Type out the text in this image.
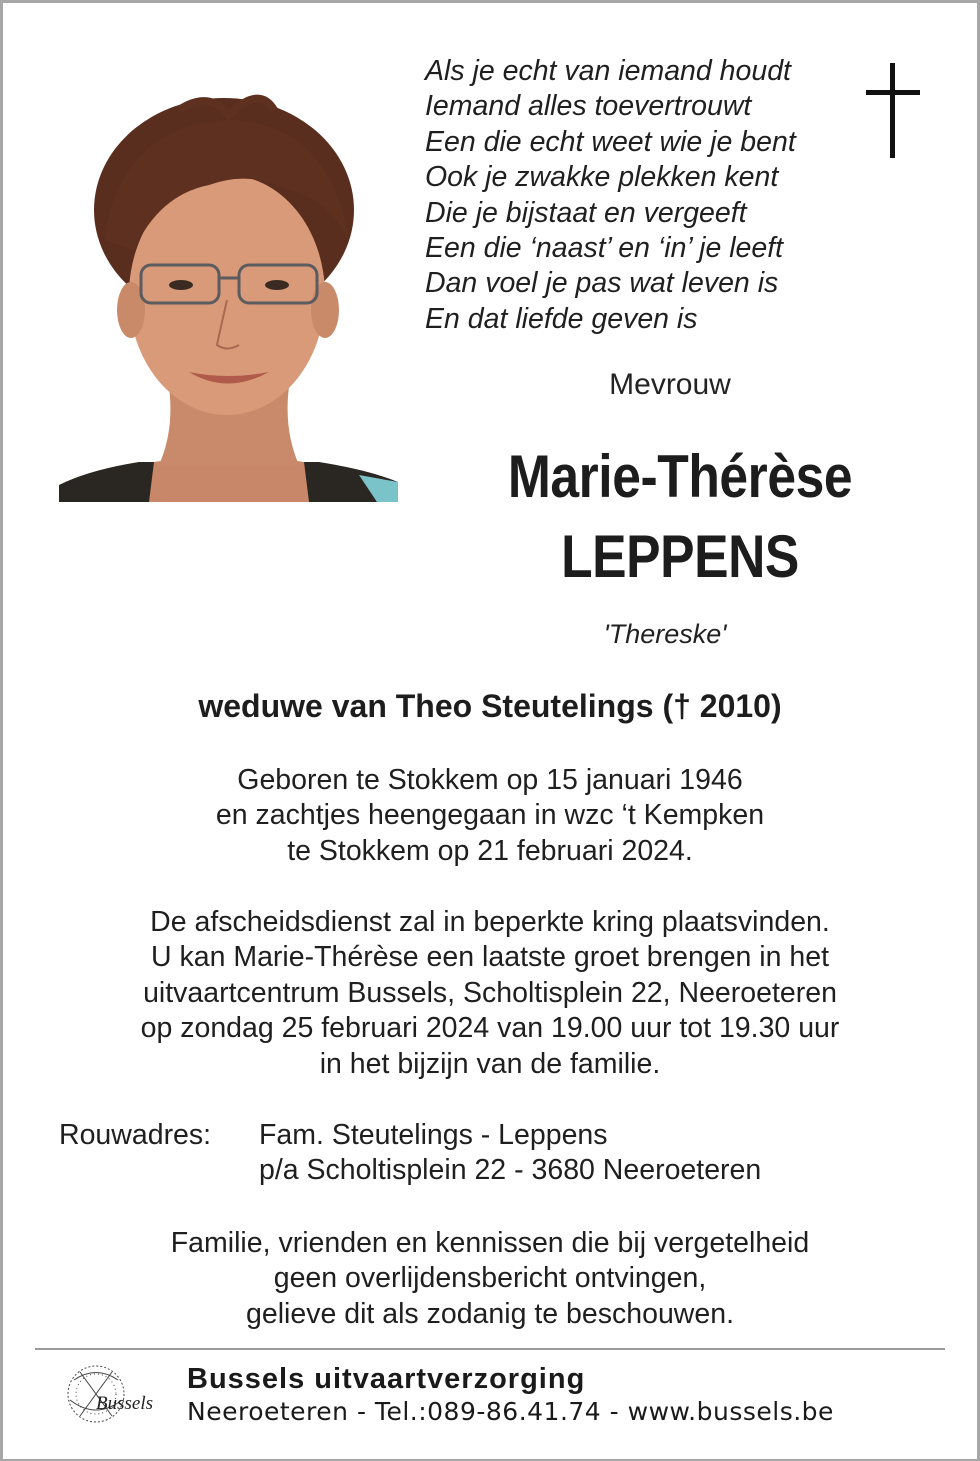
Als je echt van iemand houdt
Iemand alles toevertrouwt
Een die echt weet wie je bent
Ook je zwakke plekken kent
Die je bijstaat en vergeeft
Een die ‘naast’ en ‘in’ je leeft
Dan voel je pas wat leven is
En dat liefde geven is
Mevrouw
Marie-Thérèse
LEPPENS
'Thereske'
weduwe van Theo Steutelings († 2010)
Geboren te Stokkem op 15 januari 1946
en zachtjes heengegaan in wzc ‘t Kempken
te Stokkem op 21 februari 2024.
De afscheidsdienst zal in beperkte kring plaatsvinden.
U kan Marie-Thérèse een laatste groet brengen in het
uitvaartcentrum Bussels, Scholtisplein 22, Neeroeteren
op zondag 25 februari 2024 van 19.00 uur tot 19.30 uur
in het bijzijn van de familie.
Rouwadres: Fam. Steutelings - Leppens
p/a Scholtisplein 22 - 3680 Neeroeteren
Familie, vrienden en kennissen die bij vergetelheid
geen overlijdensbericht ontvingen,
gelieve dit als zodanig te beschouwen.
Bussels
Bussels uitvaartverzorging
Neeroeteren - Tel.:089-86.41.74 - www.bussels.be
